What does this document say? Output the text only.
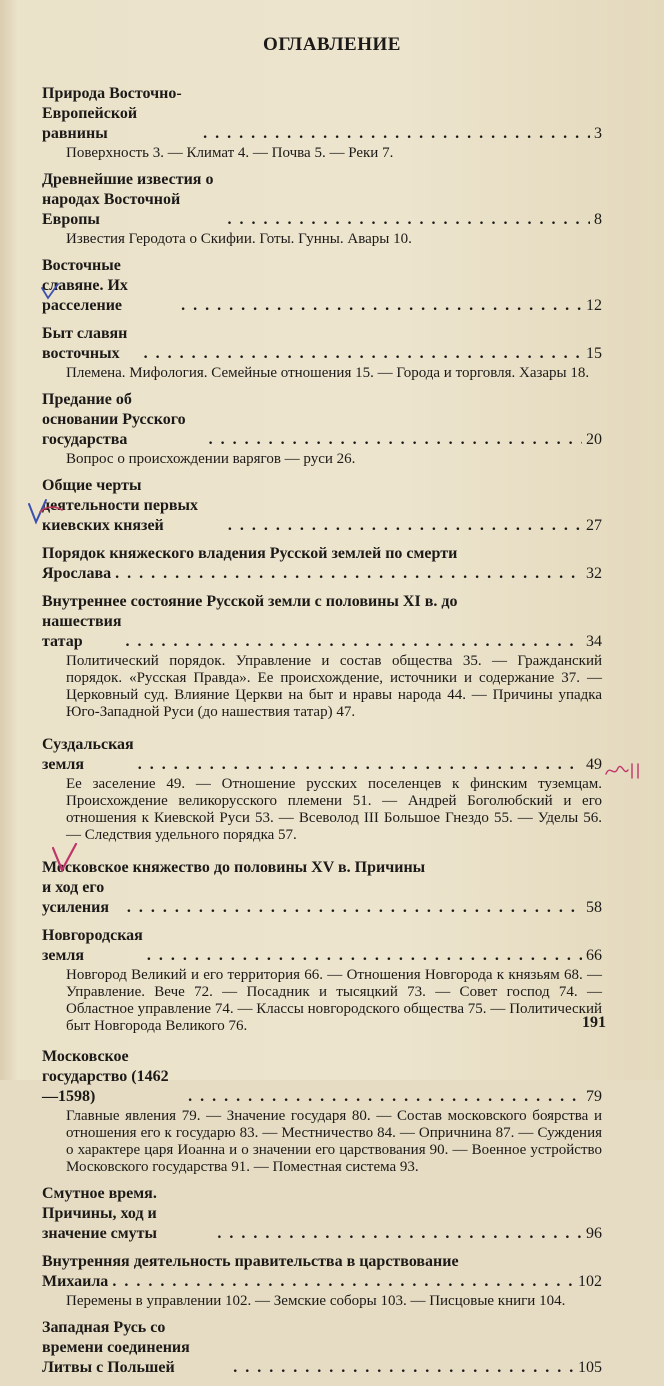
ОГЛАВЛЕНИЕ
Природа Восточно-Европейской равнины . . .	3
Поверхность 3. — Климат 4. — Почва 5. — Реки 7.
Древнейшие известия о народах Восточной Европы . . .	8
Известия Геродота о Скифии. Готы. Гунны. Авары 10.
Восточные славяне. Их расселение . . .	12
Быт славян восточных . . .	15
Племена. Мифология. Семейные отношения 15. — Города и торговля. Хазары 18.
Предание об основании Русского государства . . .	20
Вопрос о происхождении варягов — руси 26.
Общие черты деятельности первых киевских князей . . .	27
Порядок княжеского владения Русской землей по смерти
Ярослава . . .	32
Внутреннее состояние Русской земли с половины XI в. до
нашествия татар . . .	34
Политический порядок. Управление и состав общества 35. — Гражданский порядок. «Русская Правда». Ее происхождение, источники и содержание 37. — Церковный суд. Влияние Церкви на быт и нравы народа 44. — Причины упадка Юго-Западной Руси (до нашествия татар) 47.
Суздальская земля . . .	49
Ее заселение 49. — Отношение русских поселенцев к финским туземцам. Происхождение великорусского племени 51. — Андрей Боголюбский и его отношения к Киевской Руси 53. — Всеволод III Большое Гнездо 55. — Уделы 56. — Следствия удельного порядка 57.
Московское княжество до половины XV в. Причины
и ход его усиления . . .	58
Новгородская земля . . .	66
Новгород Великий и его территория 66. — Отношения Новгорода к князьям 68. — Управление. Вече 72. — Посадник и тысяцкий 73. — Совет господ 74. — Областное управление 74. — Классы новгородского общества 75. — Политический быт Новгорода Великого 76.
Московское государство (1462—1598) . . .	79
Главные явления 79. — Значение государя 80. — Состав московского боярства и отношения его к государю 83. — Местничество 84. — Опричнина 87. — Суждения о характере царя Иоанна и о значении его царствования 90. — Военное устройство Московского государства 91. — Поместная система 93.
Смутное время. Причины, ход и значение смуты . . .	96
Внутренняя деятельность правительства в царствование
Михаила . . .	102
Перемены в управлении 102. — Земские соборы 103. — Писцовые книги 104.
Западная Русь со времени соединения Литвы с Польшей . . .	105
191
